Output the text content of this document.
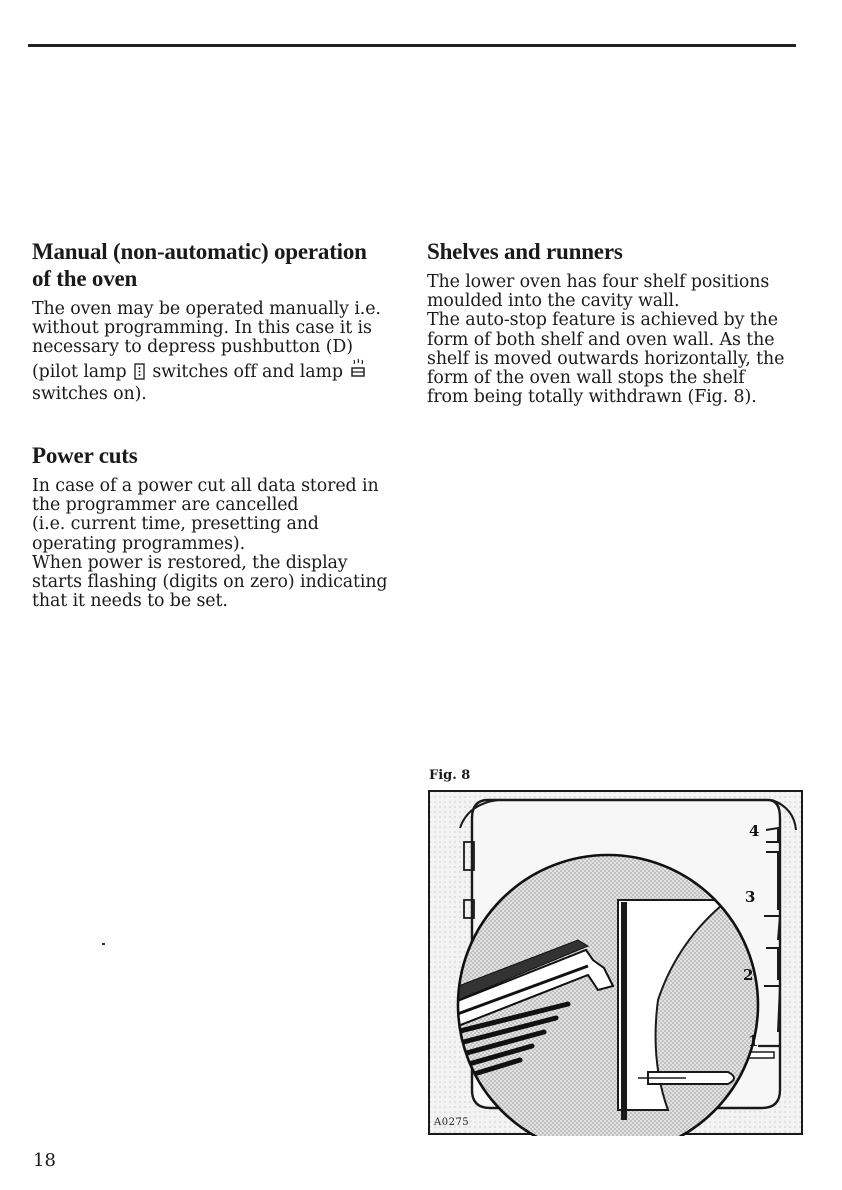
Manual (non-automatic) operation
of the oven

The oven may be operated manually i.e.
without programming. In this case it is
necessary to depress pushbutton (D)
(pilot lamp switches off and lamp
switches on).

Power cuts

In case of a power cut all data stored in
the programmer are cancelled
(i.e. current time, presetting and
operating programmes).
When power is restored, the display
starts flashing (digits on zero) indicating
that it needs to be set.

Shelves and runners

The lower oven has four shelf positions
moulded into the cavity wall.
The auto-stop feature is achieved by the
form of both shelf and oven wall. As the
shelf is moved outwards horizontally, the
form of the oven wall stops the shelf
from being totally withdrawn (Fig. 8).

Fig. 8
4
3
2
1
A0275
18
